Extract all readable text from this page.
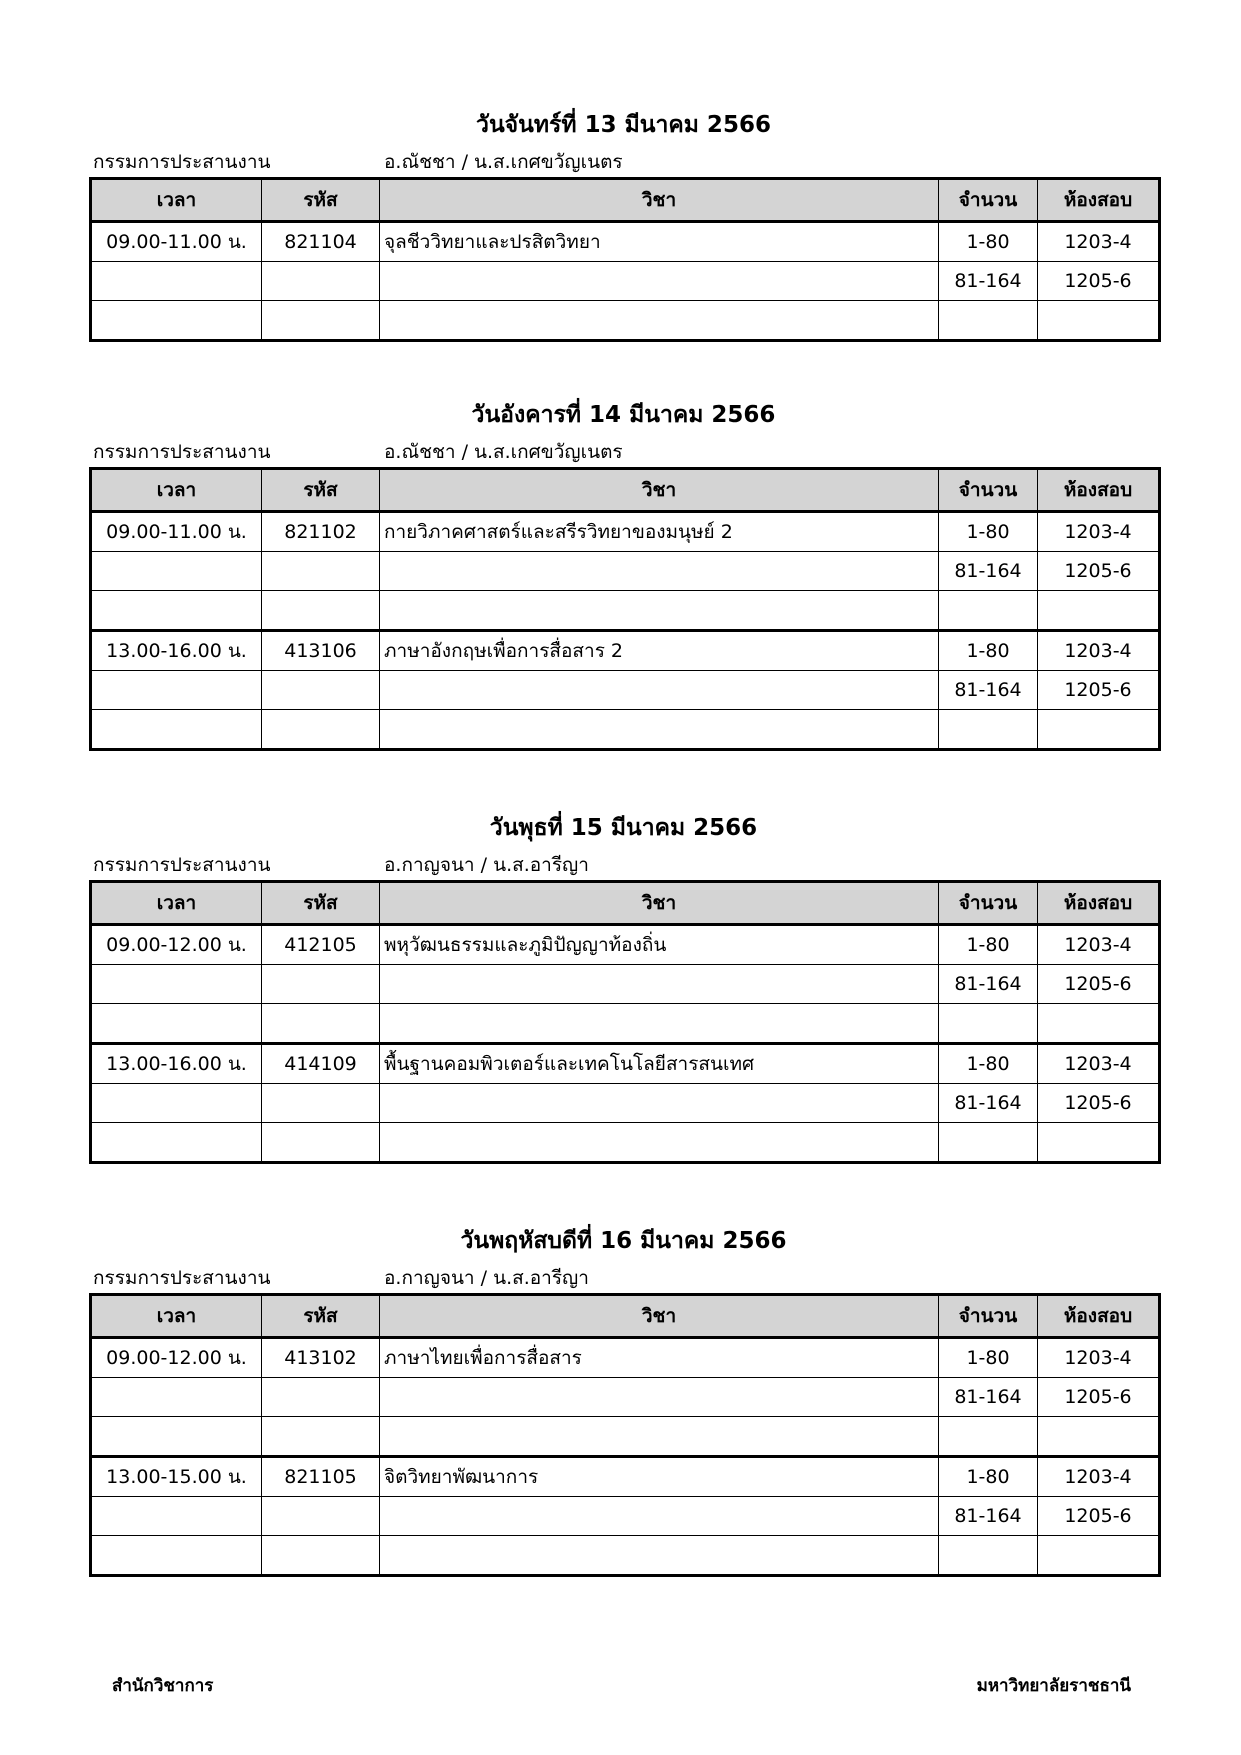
วันจันทร์ที่ 13 มีนาคม 2566
กรรมการประสานงาน	อ.ณัชชา / น.ส.เกศขวัญเนตร
เวลา	รหัส	วิชา	จำนวน	ห้องสอบ
09.00-11.00 น.	821104	จุลชีววิทยาและปรสิตวิทยา	1-80	1203-4
			81-164	1205-6

วันอังคารที่ 14 มีนาคม 2566
กรรมการประสานงาน	อ.ณัชชา / น.ส.เกศขวัญเนตร
เวลา	รหัส	วิชา	จำนวน	ห้องสอบ
09.00-11.00 น.	821102	กายวิภาคศาสตร์และสรีรวิทยาของมนุษย์ 2	1-80	1203-4
			81-164	1205-6

13.00-16.00 น.	413106	ภาษาอังกฤษเพื่อการสื่อสาร 2	1-80	1203-4
			81-164	1205-6

วันพุธที่ 15 มีนาคม 2566
กรรมการประสานงาน	อ.กาญจนา / น.ส.อารีญา
เวลา	รหัส	วิชา	จำนวน	ห้องสอบ
09.00-12.00 น.	412105	พหุวัฒนธรรมและภูมิปัญญาท้องถิ่น	1-80	1203-4
			81-164	1205-6

13.00-16.00 น.	414109	พื้นฐานคอมพิวเตอร์และเทคโนโลยีสารสนเทศ	1-80	1203-4
			81-164	1205-6

วันพฤหัสบดีที่ 16 มีนาคม 2566
กรรมการประสานงาน	อ.กาญจนา / น.ส.อารีญา
เวลา	รหัส	วิชา	จำนวน	ห้องสอบ
09.00-12.00 น.	413102	ภาษาไทยเพื่อการสื่อสาร	1-80	1203-4
			81-164	1205-6

13.00-15.00 น.	821105	จิตวิทยาพัฒนาการ	1-80	1203-4
			81-164	1205-6

สำนักวิชาการ	มหาวิทยาลัยราชธานี
